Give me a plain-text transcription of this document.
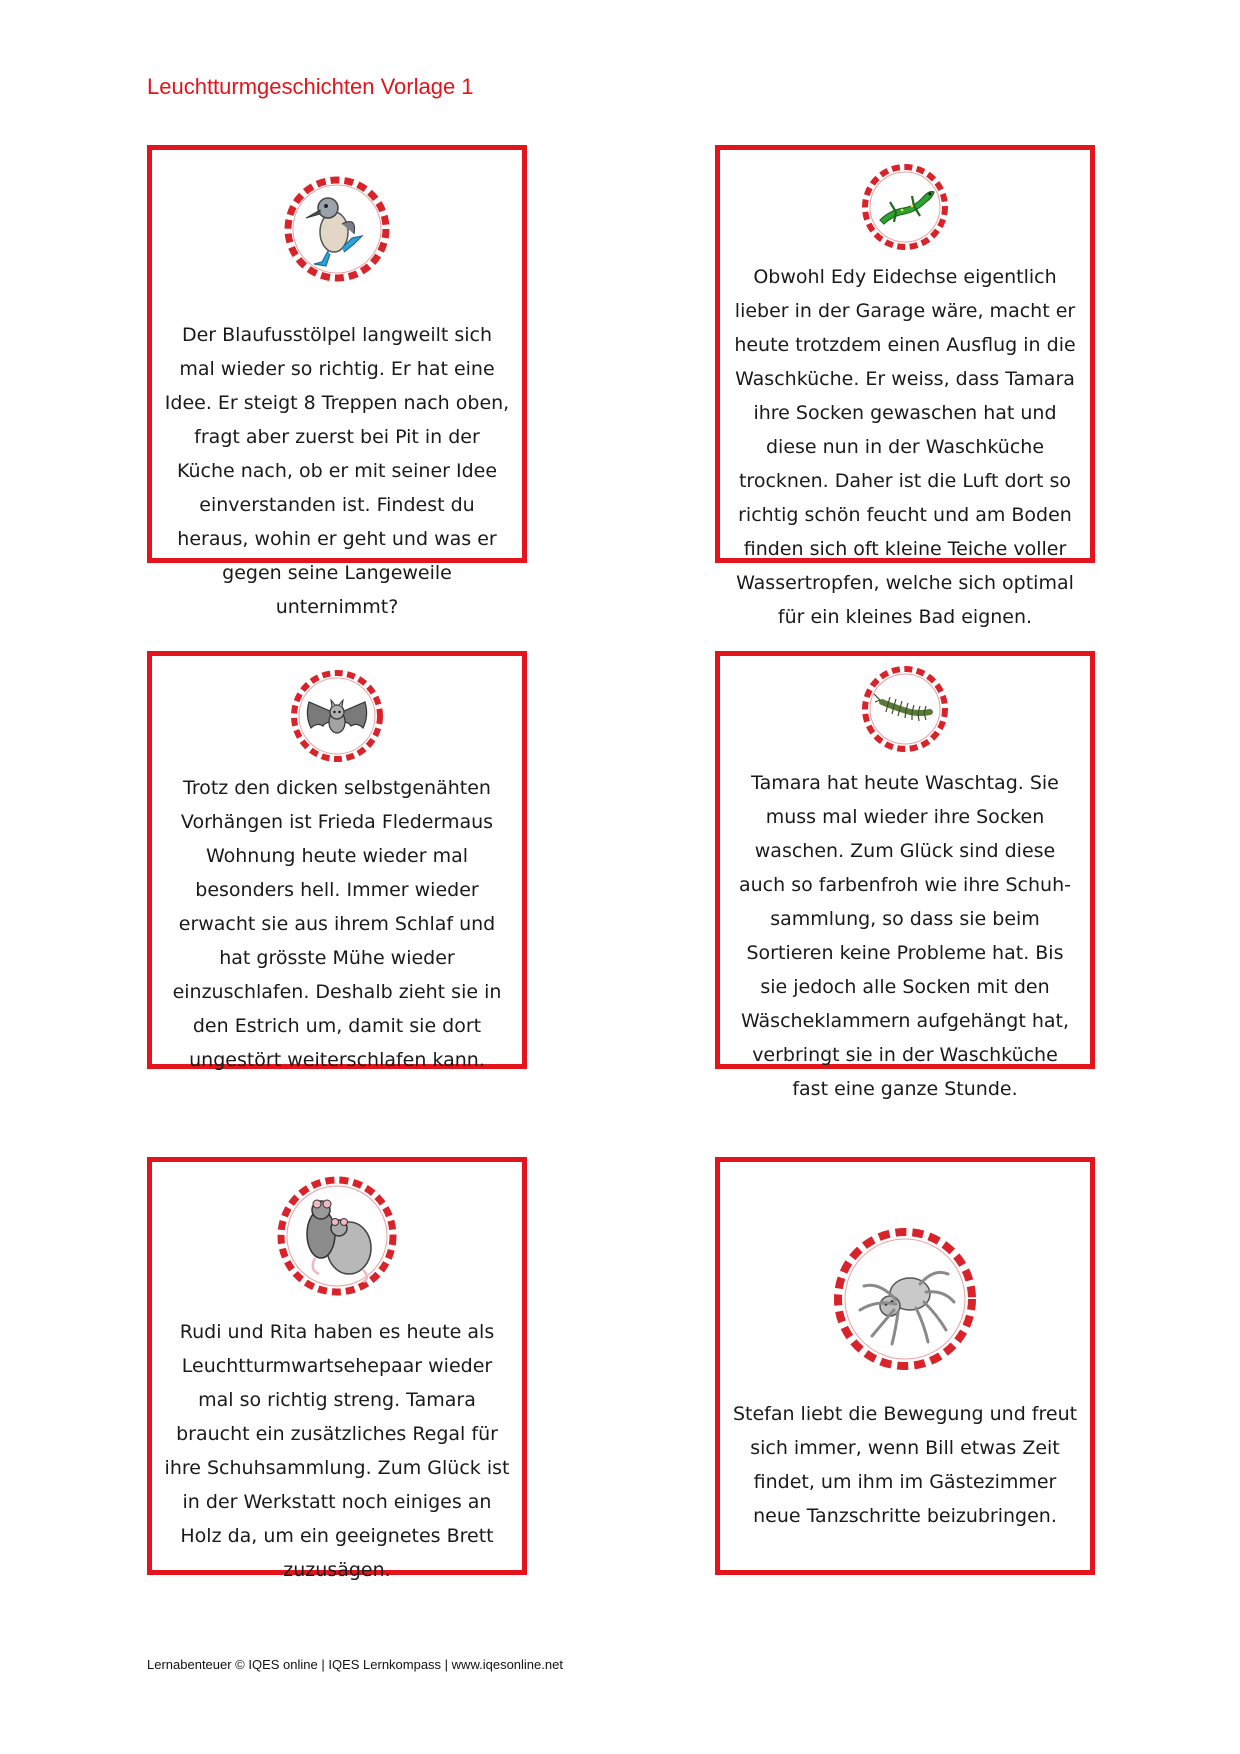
Leuchtturmgeschichten Vorlage 1
Der Blaufusstölpel langweilt sich mal wieder so richtig. Er hat eine Idee. Er steigt 8 Treppen nach oben, fragt aber zuerst bei Pit in der Küche nach, ob er mit seiner Idee einverstanden ist. Findest du heraus, wohin er geht und was er gegen seine Langeweile unternimmt?
Obwohl Edy Eidechse eigentlich lieber in der Garage wäre, macht er heute trotzdem einen Ausflug in die Waschküche. Er weiss, dass Tamara ihre Socken gewaschen hat und diese nun in der Waschküche trocknen. Daher ist die Luft dort so richtig schön feucht und am Boden finden sich oft kleine Teiche voller Wassertropfen, welche sich optimal für ein kleines Bad eignen.
Trotz den dicken selbstgenähten Vorhängen ist Frieda Fledermaus Wohnung heute wieder mal besonders hell. Immer wieder erwacht sie aus ihrem Schlaf und hat grösste Mühe wieder einzuschlafen. Deshalb zieht sie in den Estrich um, damit sie dort ungestört weiterschlafen kann.
Tamara hat heute Waschtag. Sie muss mal wieder ihre Socken waschen. Zum Glück sind diese auch so farbenfroh wie ihre Schuh-sammlung, so dass sie beim Sortieren keine Probleme hat. Bis sie jedoch alle Socken mit den Wäscheklammern aufgehängt hat, verbringt sie in der Waschküche fast eine ganze Stunde.
Rudi und Rita haben es heute als Leuchtturmwartsehepaar wieder mal so richtig streng. Tamara braucht ein zusätzliches Regal für ihre Schuhsammlung. Zum Glück ist in der Werkstatt noch einiges an Holz da, um ein geeignetes Brett zuzusägen.
Stefan liebt die Bewegung und freut sich immer, wenn Bill etwas Zeit findet, um ihm im Gästezimmer neue Tanzschritte beizubringen.
Lernabenteuer © IQES online | IQES Lernkompass | www.iqesonline.net
